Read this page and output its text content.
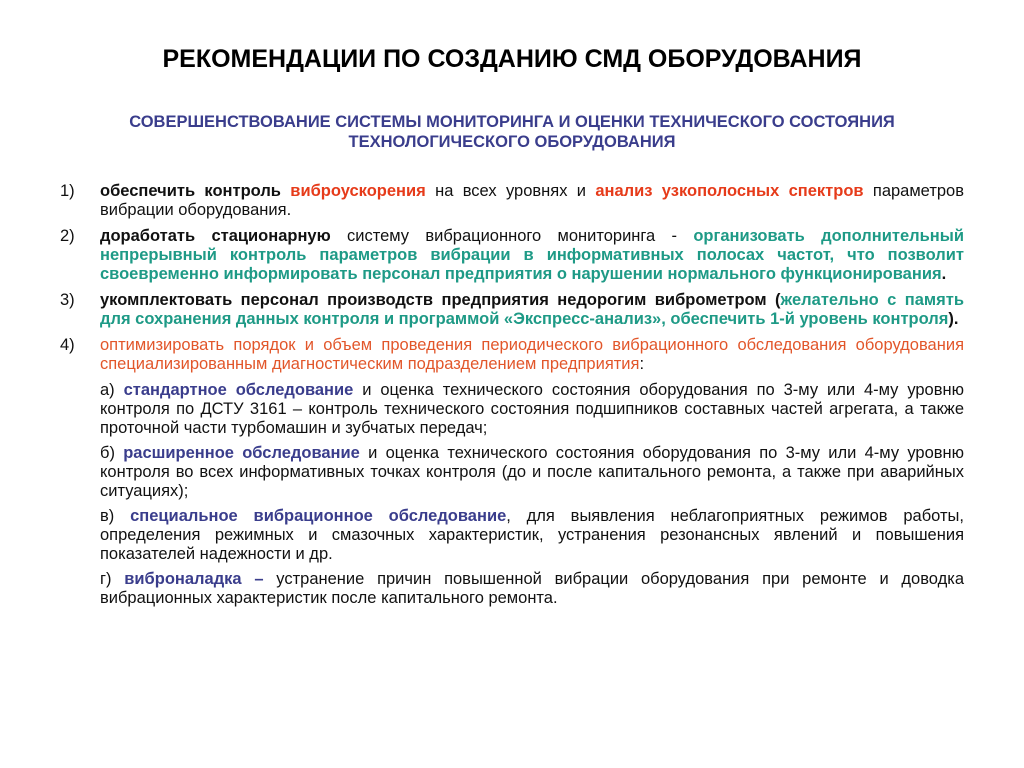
РЕКОМЕНДАЦИИ ПО СОЗДАНИЮ СМД ОБОРУДОВАНИЯ
СОВЕРШЕНСТВОВАНИЕ СИСТЕМЫ МОНИТОРИНГА И ОЦЕНКИ ТЕХНИЧЕСКОГО СОСТОЯНИЯ ТЕХНОЛОГИЧЕСКОГО ОБОРУДОВАНИЯ
1) обеспечить контроль виброускорения на всех уровнях и анализ узкополосных спектров параметров вибрации оборудования.
2) доработать стационарную систему вибрационного мониторинга - организовать дополнительный непрерывный контроль параметров вибрации в информативных полосах частот, что позволит своевременно информировать персонал предприятия о нарушении нормального функционирования.
3) укомплектовать персонал производств предприятия недорогим виброметром (желательно с память для сохранения данных контроля и программой «Экспресс-анализ», обеспечить 1-й уровень контроля).
4) оптимизировать порядок и объем проведения периодического вибрационного обследования оборудования специализированным диагностическим подразделением предприятия:
а) стандартное обследование и оценка технического состояния оборудования по 3-му или 4-му уровню контроля по ДСТУ 3161 – контроль технического состояния подшипников составных частей агрегата, а также проточной части турбомашин и зубчатых передач;
б) расширенное обследование и оценка технического состояния оборудования по 3-му или 4-му уровню контроля во всех информативных точках контроля (до и после капитального ремонта, а также при аварийных ситуациях);
в) специальное вибрационное обследование, для выявления неблагоприятных режимов работы, определения режимных и смазочных характеристик, устранения резонансных явлений и повышения показателей надежности и др.
г) виброналадка – устранение причин повышенной вибрации оборудования при ремонте и доводка вибрационных характеристик после капитального ремонта.
